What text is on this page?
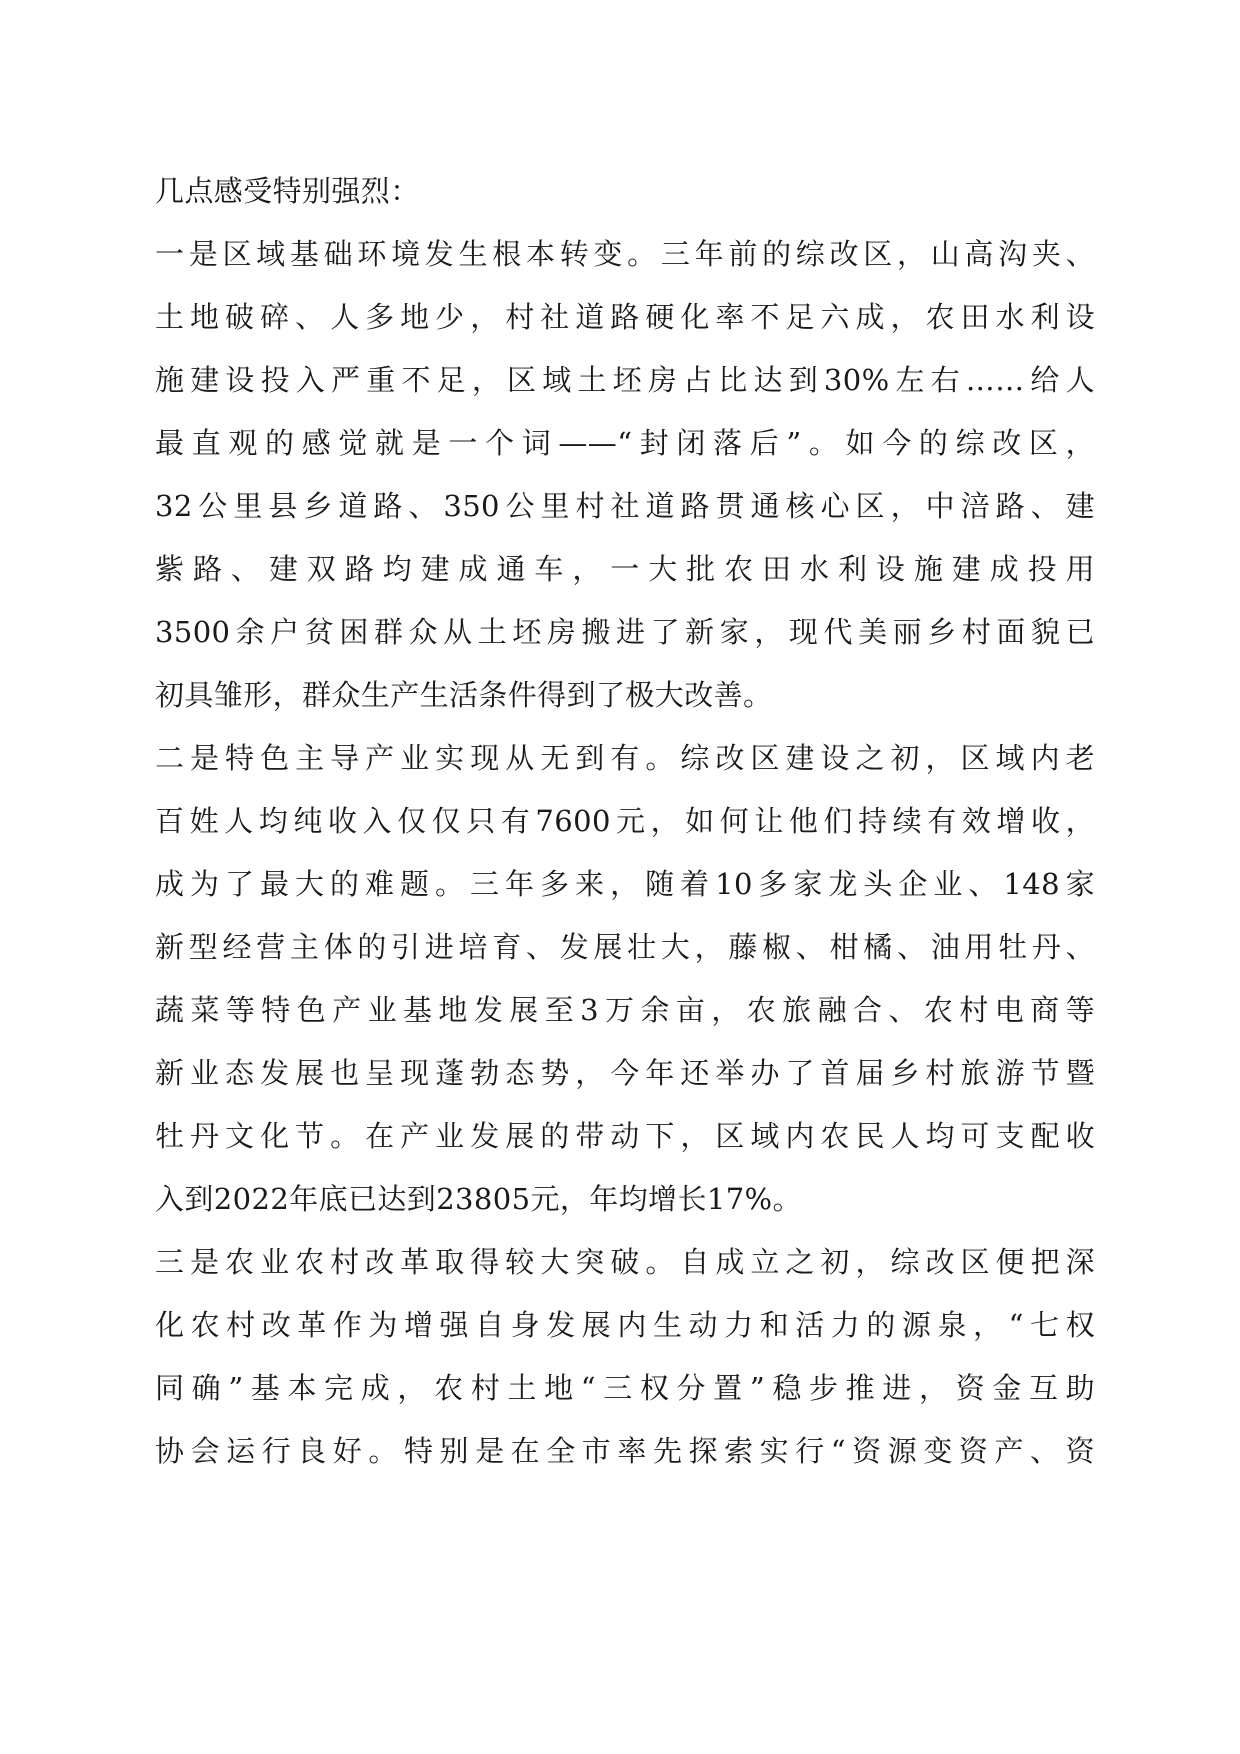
几点感受特别强烈：
一是区域基础环境发生根本转变。三年前的综改区，山高沟夹、
土地破碎、人多地少，村社道路硬化率不足六成，农田水利设
施建设投入严重不足，区域土坯房占比达到30%左右……给人
最直观的感觉就是一个词——“封闭落后”。如今的综改区，
32公里县乡道路、350公里村社道路贯通核心区，中涪路、建
紫路、建双路均建成通车，一大批农田水利设施建成投用
3500余户贫困群众从土坯房搬进了新家，现代美丽乡村面貌已
初具雏形，群众生产生活条件得到了极大改善。
二是特色主导产业实现从无到有。综改区建设之初，区域内老
百姓人均纯收入仅仅只有7600元，如何让他们持续有效增收，
成为了最大的难题。三年多来，随着10多家龙头企业、148家
新型经营主体的引进培育、发展壮大，藤椒、柑橘、油用牡丹、
蔬菜等特色产业基地发展至3万余亩，农旅融合、农村电商等
新业态发展也呈现蓬勃态势，今年还举办了首届乡村旅游节暨
牡丹文化节。在产业发展的带动下，区域内农民人均可支配收
入到2022年底已达到23805元，年均增长17%。
三是农业农村改革取得较大突破。自成立之初，综改区便把深
化农村改革作为增强自身发展内生动力和活力的源泉，“七权
同确”基本完成，农村土地“三权分置”稳步推进，资金互助
协会运行良好。特别是在全市率先探索实行“资源变资产、资
